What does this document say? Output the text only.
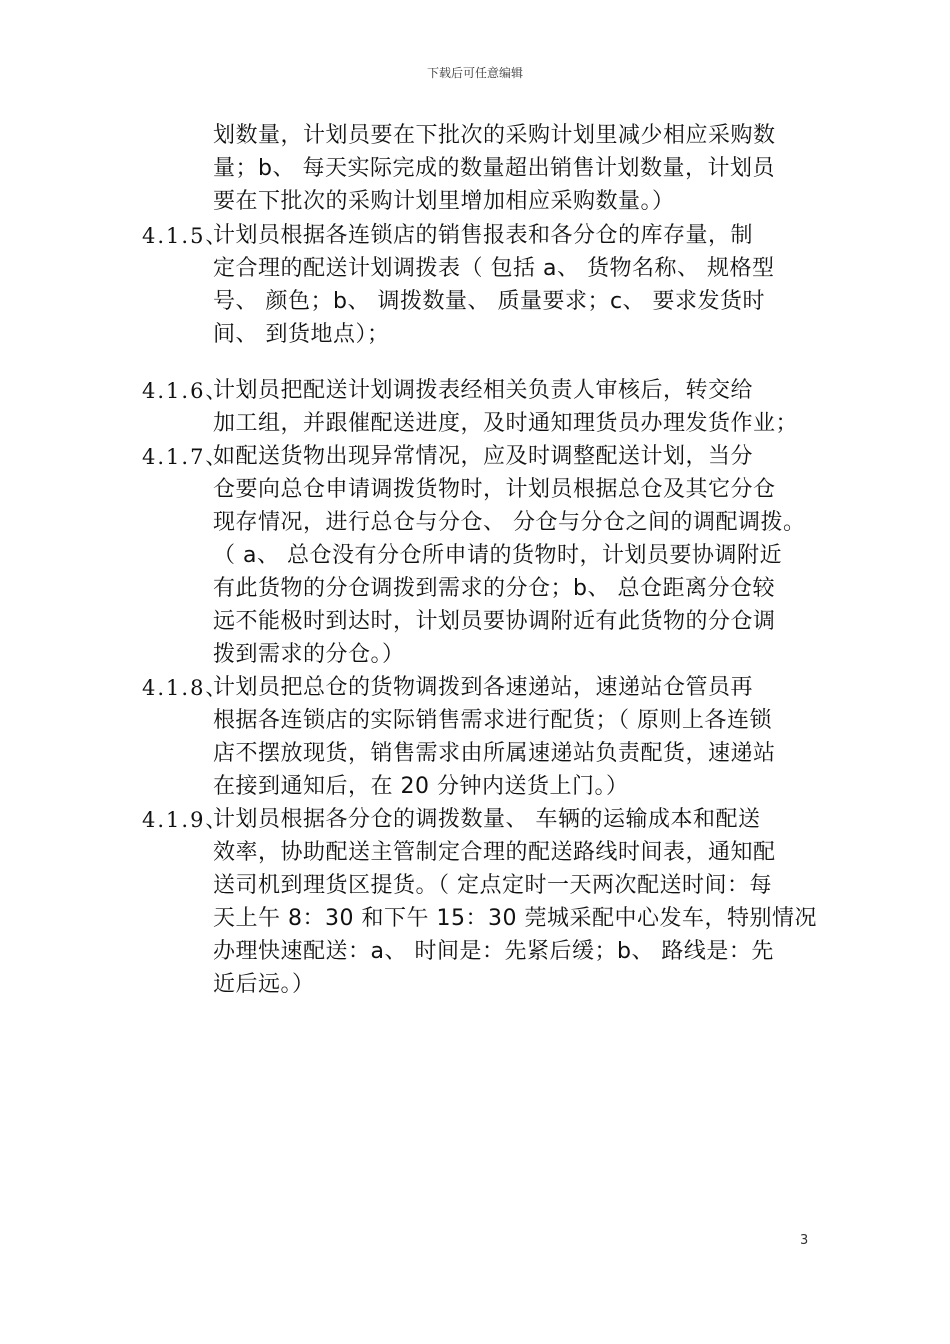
下载后可任意编辑
划数量，计划员要在下批次的采购计划里减少相应采购数
量；b、 每天实际完成的数量超出销售计划数量，计划员
要在下批次的采购计划里增加相应采购数量。）
4.1.5、
计划员根据各连锁店的销售报表和各分仓的库存量，制
定合理的配送计划调拨表（ 包括 a、 货物名称、 规格型
号、 颜色；b、 调拨数量、 质量要求；c、 要求发货时
间、 到货地点）；
4.1.6、
计划员把配送计划调拨表经相关负责人审核后，转交给
加工组，并跟催配送进度，及时通知理货员办理发货作业；
4.1.7、
如配送货物出现异常情况，应及时调整配送计划，当分
仓要向总仓申请调拨货物时，计划员根据总仓及其它分仓
现存情况，进行总仓与分仓、 分仓与分仓之间的调配调拨。
（ a、 总仓没有分仓所申请的货物时，计划员要协调附近
有此货物的分仓调拨到需求的分仓；b、 总仓距离分仓较
远不能极时到达时，计划员要协调附近有此货物的分仓调
拨到需求的分仓。）
4.1.8、
计划员把总仓的货物调拨到各速递站，速递站仓管员再
根据各连锁店的实际销售需求进行配货；（ 原则上各连锁
店不摆放现货，销售需求由所属速递站负责配货，速递站
在接到通知后，在 20 分钟内送货上门。）
4.1.9、
计划员根据各分仓的调拨数量、 车辆的运输成本和配送
效率，协助配送主管制定合理的配送路线时间表，通知配
送司机到理货区提货。（ 定点定时一天两次配送时间：每
天上午 8：30 和下午 15：30 莞城采配中心发车，特别情况
办理快速配送：a、 时间是：先紧后缓；b、 路线是：先
近后远。）
3
